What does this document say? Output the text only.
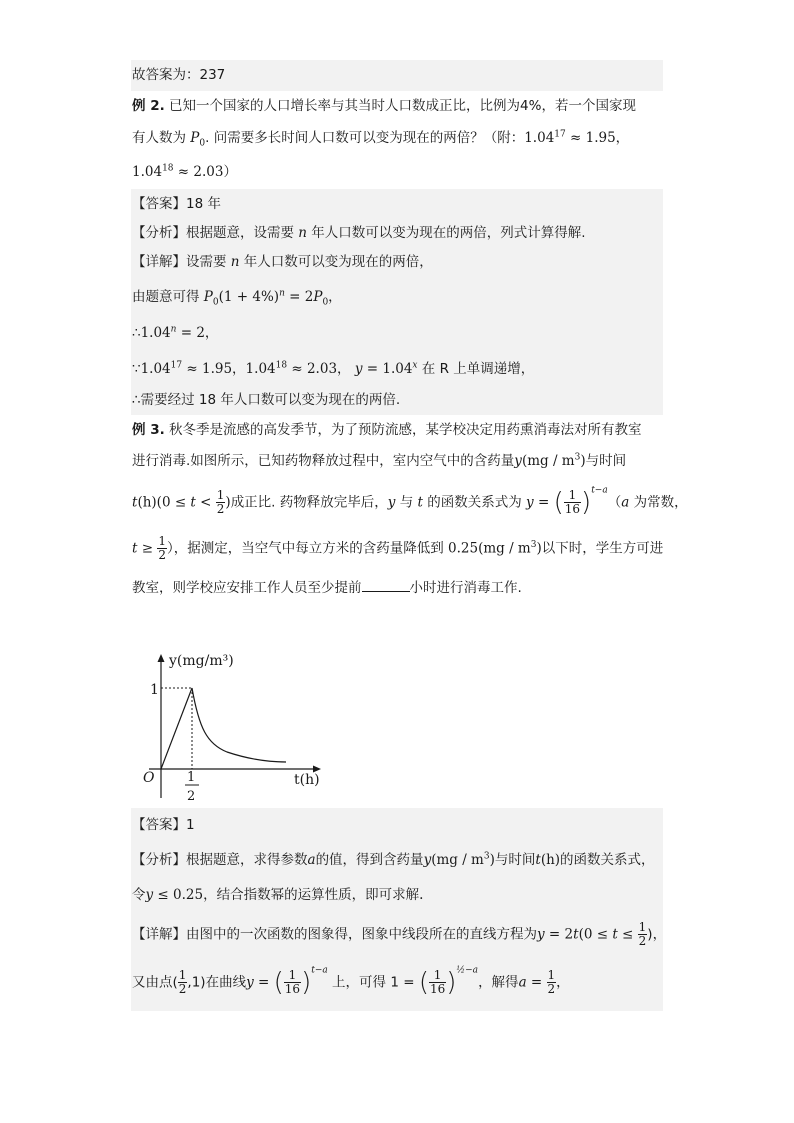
故答案为：237
例 2. 已知一个国家的人口增长率与其当时人口数成正比，比例为4%，若一个国家现
有人数为 $P_0$. 问需要多长时间人口数可以变为现在的两倍？（附：$1.04^{17} \approx 1.95$，
$1.04^{18} \approx 2.03$）
【答案】18 年
【分析】根据题意，设需要 n 年人口数可以变为现在的两倍，列式计算得解.
【详解】设需要 n 年人口数可以变为现在的两倍，
由题意可得 $P_0(1 + 4\%)^n = 2P_0$，
$\therefore 1.04^n = 2$，
$\because 1.04^{17} \approx 1.95$，$1.04^{18} \approx 2.03$， $y = 1.04^x$ 在 R 上单调递增，
∴需要经过 18 年人口数可以变为现在的两倍.
例 3. 秋冬季是流感的高发季节，为了预防流感，某学校决定用药熏消毒法对所有教室
进行消毒.如图所示，已知药物释放过程中，室内空气中的含药量$y(mg / m^3)$与时间
$t(h)(0 \le t < \frac{1}{2}$ )成正比. 药物释放完毕后，y 与 t 的函数关系式为 y = ( $\frac{1}{16} )^{t-a}(a$ 为常数，
$t \ge \frac{1}{2}$ ），据测定，当空气中每立方米的含药量降低到 $0.25(mg / m^3)$以下时，学生方可进
教室，则学校应安排工作人员至少提前	小时进行消毒工作.
y(mg/m³)
t(h)
O
1
1
2
【答案】1
【分析】根据题意，求得参数a的值，得到含药量$y(mg / m^3)$与时间t(h)的函数关系式，
令y ≤ 0.25，结合指数幂的运算性质，即可求解.
【详解】由图中的一次函数的图象得，图象中线段所在的直线方程为$y = 2t(0 \le t \le \frac{1}{2}$ )，
又由点( $\frac{1}{2} ,1$)在曲线y = ( $\frac{1}{16} )^{t-a}$ 上，可得 1 = ( $\frac{1}{16} )^{\frac{1}{2}-a}$，解得$a = \frac{1}{2}$ ，
